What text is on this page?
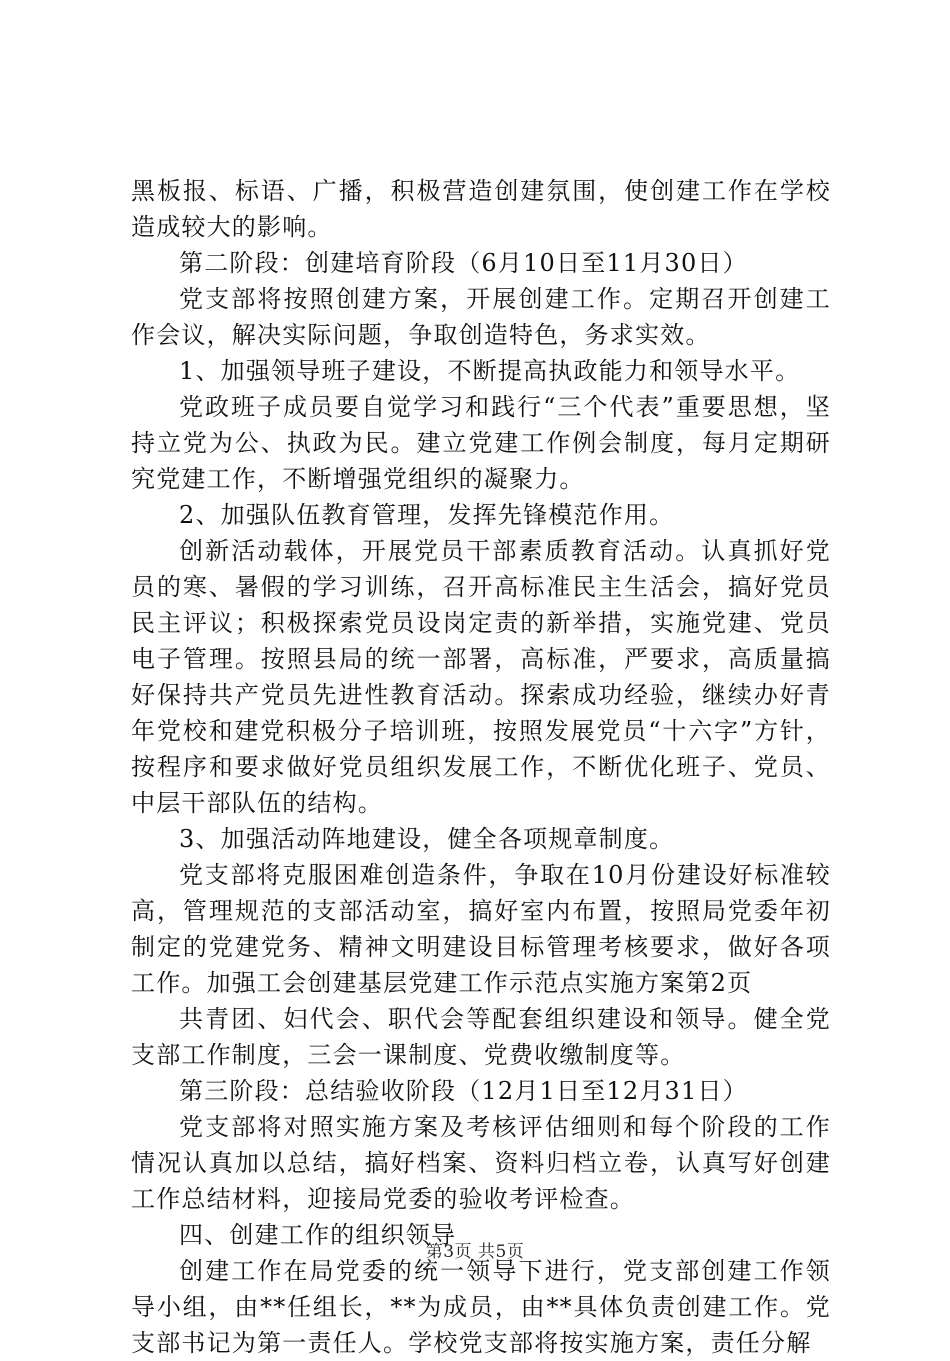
黑板报、标语、广播，积极营造创建氛围，使创建工作在学校造成较大的影响。

第二阶段：创建培育阶段（6月10日至11月30日）

党支部将按照创建方案，开展创建工作。定期召开创建工作会议，解决实际问题，争取创造特色，务求实效。

1、加强领导班子建设，不断提高执政能力和领导水平。

党政班子成员要自觉学习和践行“三个代表”重要思想，坚持立党为公、执政为民。建立党建工作例会制度，每月定期研究党建工作，不断增强党组织的凝聚力。

2、加强队伍教育管理，发挥先锋模范作用。

创新活动载体，开展党员干部素质教育活动。认真抓好党员的寒、暑假的学习训练，召开高标准民主生活会，搞好党员民主评议；积极探索党员设岗定责的新举措，实施党建、党员电子管理。按照县局的统一部署，高标准，严要求，高质量搞好保持共产党员先进性教育活动。探索成功经验，继续办好青年党校和建党积极分子培训班，按照发展党员“十六字”方针，按程序和要求做好党员组织发展工作，不断优化班子、党员、中层干部队伍的结构。

3、加强活动阵地建设，健全各项规章制度。

党支部将克服困难创造条件，争取在10月份建设好标准较高，管理规范的支部活动室，搞好室内布置，按照局党委年初制定的党建党务、精神文明建设目标管理考核要求，做好各项工作。加强工会创建基层党建工作示范点实施方案第2页

共青团、妇代会、职代会等配套组织建设和领导。健全党支部工作制度，三会一课制度、党费收缴制度等。

第三阶段：总结验收阶段（12月1日至12月31日）

党支部将对照实施方案及考核评估细则和每个阶段的工作情况认真加以总结，搞好档案、资料归档立卷，认真写好创建工作总结材料，迎接局党委的验收考评检查。

四、创建工作的组织领导

创建工作在局党委的统一领导下进行，党支部创建工作领导小组，由**任组长，**为成员，由**具体负责创建工作。党支部书记为第一责任人。学校党支部将按实施方案，责任分解

第3页 共5页
